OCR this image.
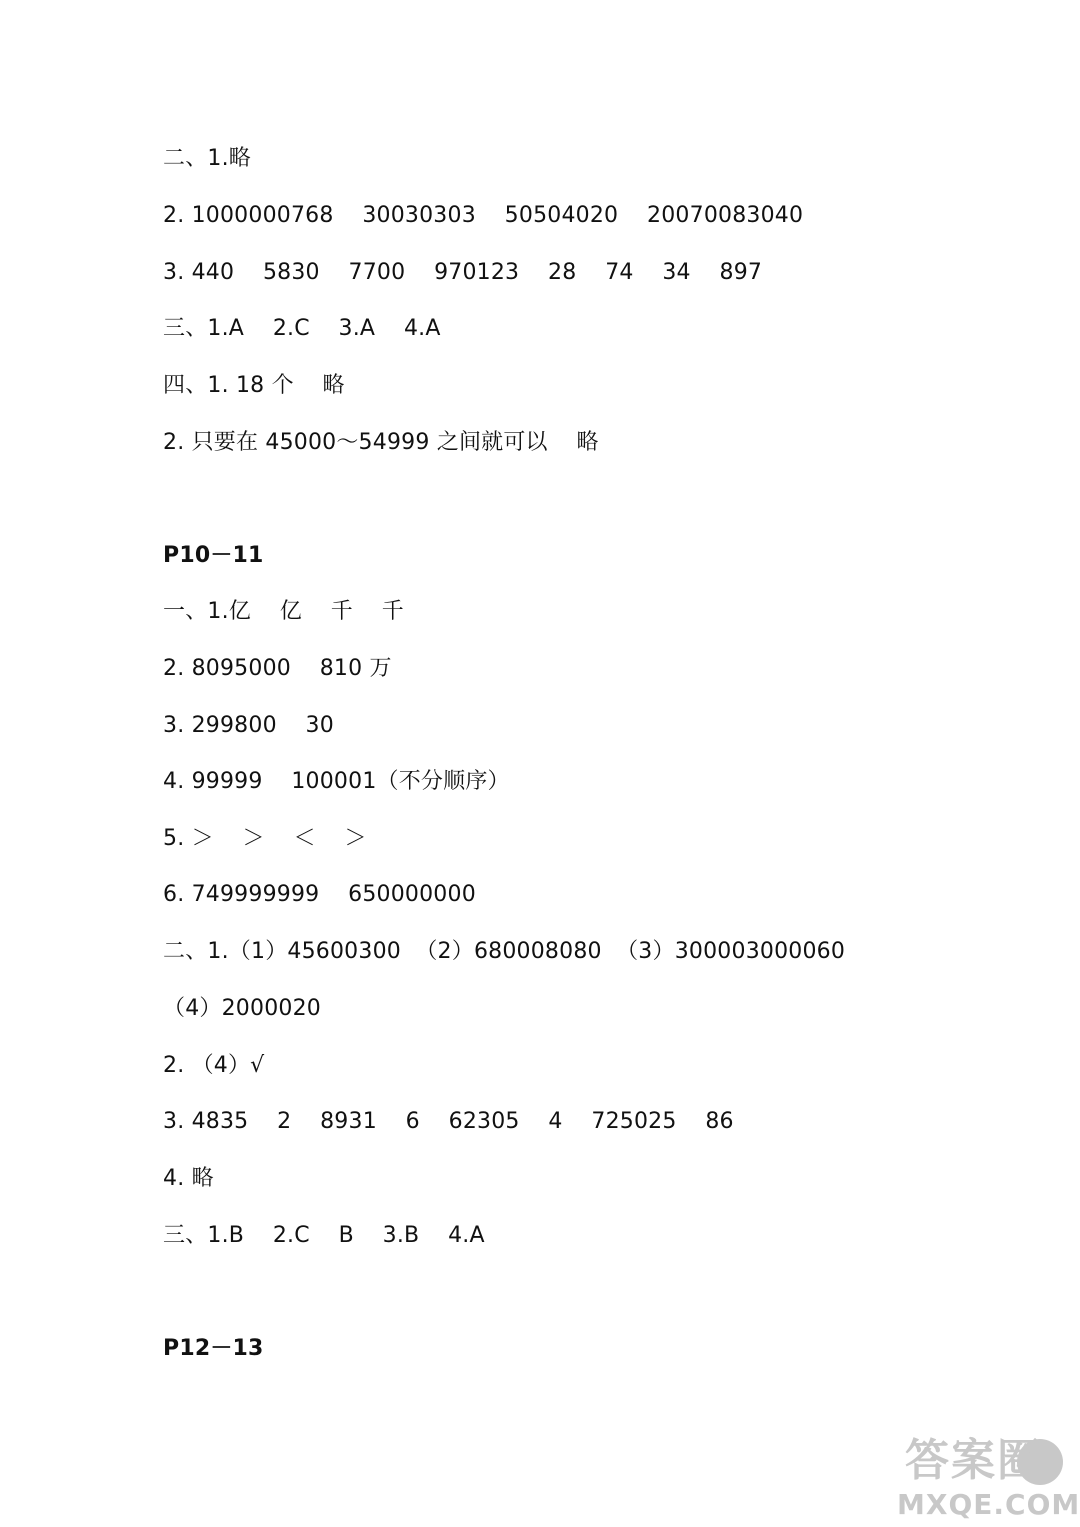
二、1.略
2. 1000000768    30030303    50504020    20070083040
3. 440    5830    7700    970123    28    74    34    897
三、1.A    2.C    3.A    4.A
四、1. 18 个    略
2. 只要在 45000～54999 之间就可以    略
P10－11
一、1.亿    亿    千    千
2. 8095000    810 万
3. 299800    30
4. 99999    100001（不分顺序）
5. ＞    ＞    ＜    ＞
6. 749999999    650000000
二、1.（1）45600300  （2）680008080  （3）300003000060
（4）2000020
2. （4）√
3. 4835    2    8931    6    62305    4    725025    86
4. 略
三、1.B    2.C    B    3.B    4.A
P12－13
答案圈
MXQE.COM
